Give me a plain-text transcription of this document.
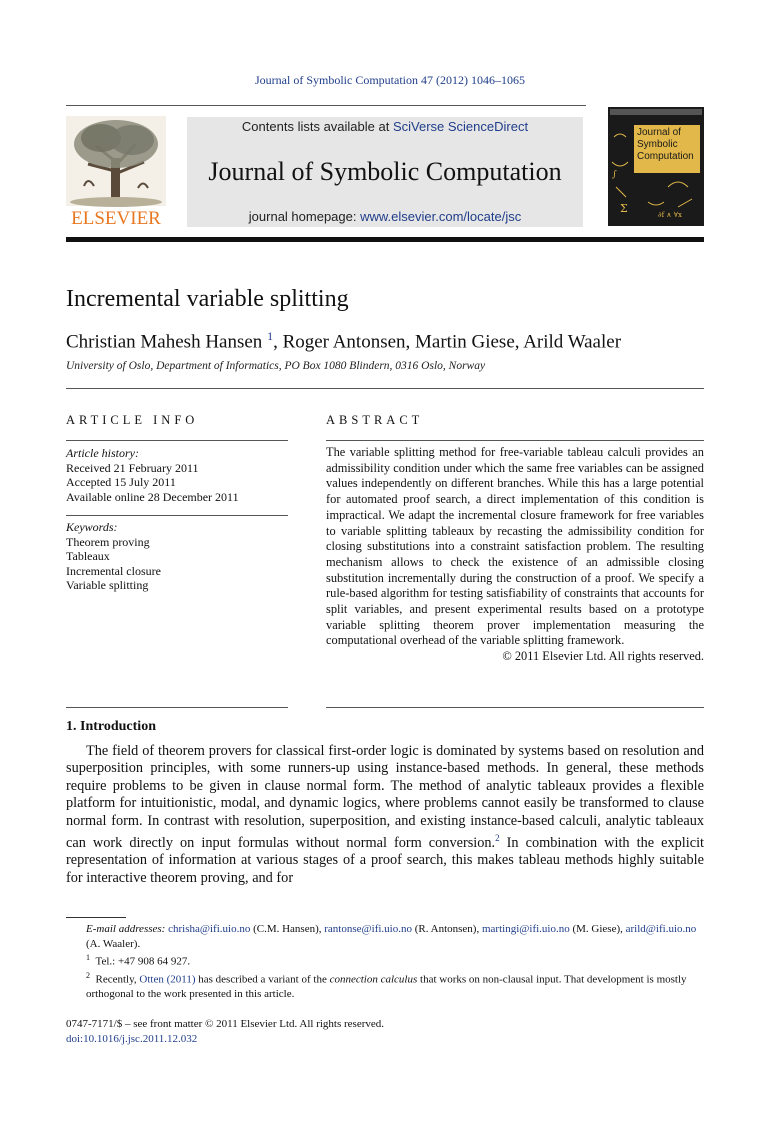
Journal of Symbolic Computation 47 (2012) 1046–1065
ELSEVIER
Contents lists available at SciVerse ScienceDirect
Journal of Symbolic Computation
journal homepage: www.elsevier.com/locate/jsc
∫
Σ	∂f ∧ ∀x
Journal of
Symbolic
Computation
Incremental variable splitting
Christian Mahesh Hansen $^1$, Roger Antonsen, Martin Giese, Arild Waaler
University of Oslo, Department of Informatics, PO Box 1080 Blindern, 0316 Oslo, Norway
ARTICLE INFO
Article history:
Received 21 February 2011
Accepted 15 July 2011
Available online 28 December 2011
Keywords:
Theorem proving
Tableaux
Incremental closure
Variable splitting
ABSTRACT
The variable splitting method for free-variable tableau calculi provides an admissibility condition under which the same free variables can be assigned values independently on different branches. While this has a large potential for automated proof search, a direct implementation of this condition is impractical. We adapt the incremental closure framework for free variables to variable splitting tableaux by recasting the admissibility condition for closing substitutions into a constraint satisfaction problem. The resulting mechanism allows to check the existence of an admissible closing substitution incrementally during the construction of a proof. We specify a rule-based algorithm for testing satisfiability of constraints that accounts for split variables, and present experimental results based on a prototype variable splitting theorem prover implementation measuring the computational overhead of the variable splitting framework.
© 2011 Elsevier Ltd. All rights reserved.
1. Introduction
The field of theorem provers for classical first-order logic is dominated by systems based on resolution and superposition principles, with some runners-up using instance-based methods. In general, these methods require problems to be given in clause normal form. The method of analytic tableaux provides a flexible platform for intuitionistic, modal, and dynamic logics, where problems cannot easily be transformed to clause normal form. In contrast with resolution, superposition, and existing instance-based calculi, analytic tableaux can work directly on input formulas without normal form conversion.$^2$ In combination with the explicit representation of information at various stages of a proof search, this makes tableau methods highly suitable for interactive theorem proving, and for

E-mail addresses: chrisha@ifi.uio.no (C.M. Hansen), rantonse@ifi.uio.no (R. Antonsen), martingi@ifi.uio.no (M. Giese), arild@ifi.uio.no (A. Waaler).

$^1$ Tel.: +47 908 64 927.

$^2$ Recently, Otten (2011) has described a variant of the connection calculus that works on non-clausal input. That development is mostly orthogonal to the work presented in this article.

0747-7171/$ – see front matter © 2011 Elsevier Ltd. All rights reserved.
doi:10.1016/j.jsc.2011.12.032
